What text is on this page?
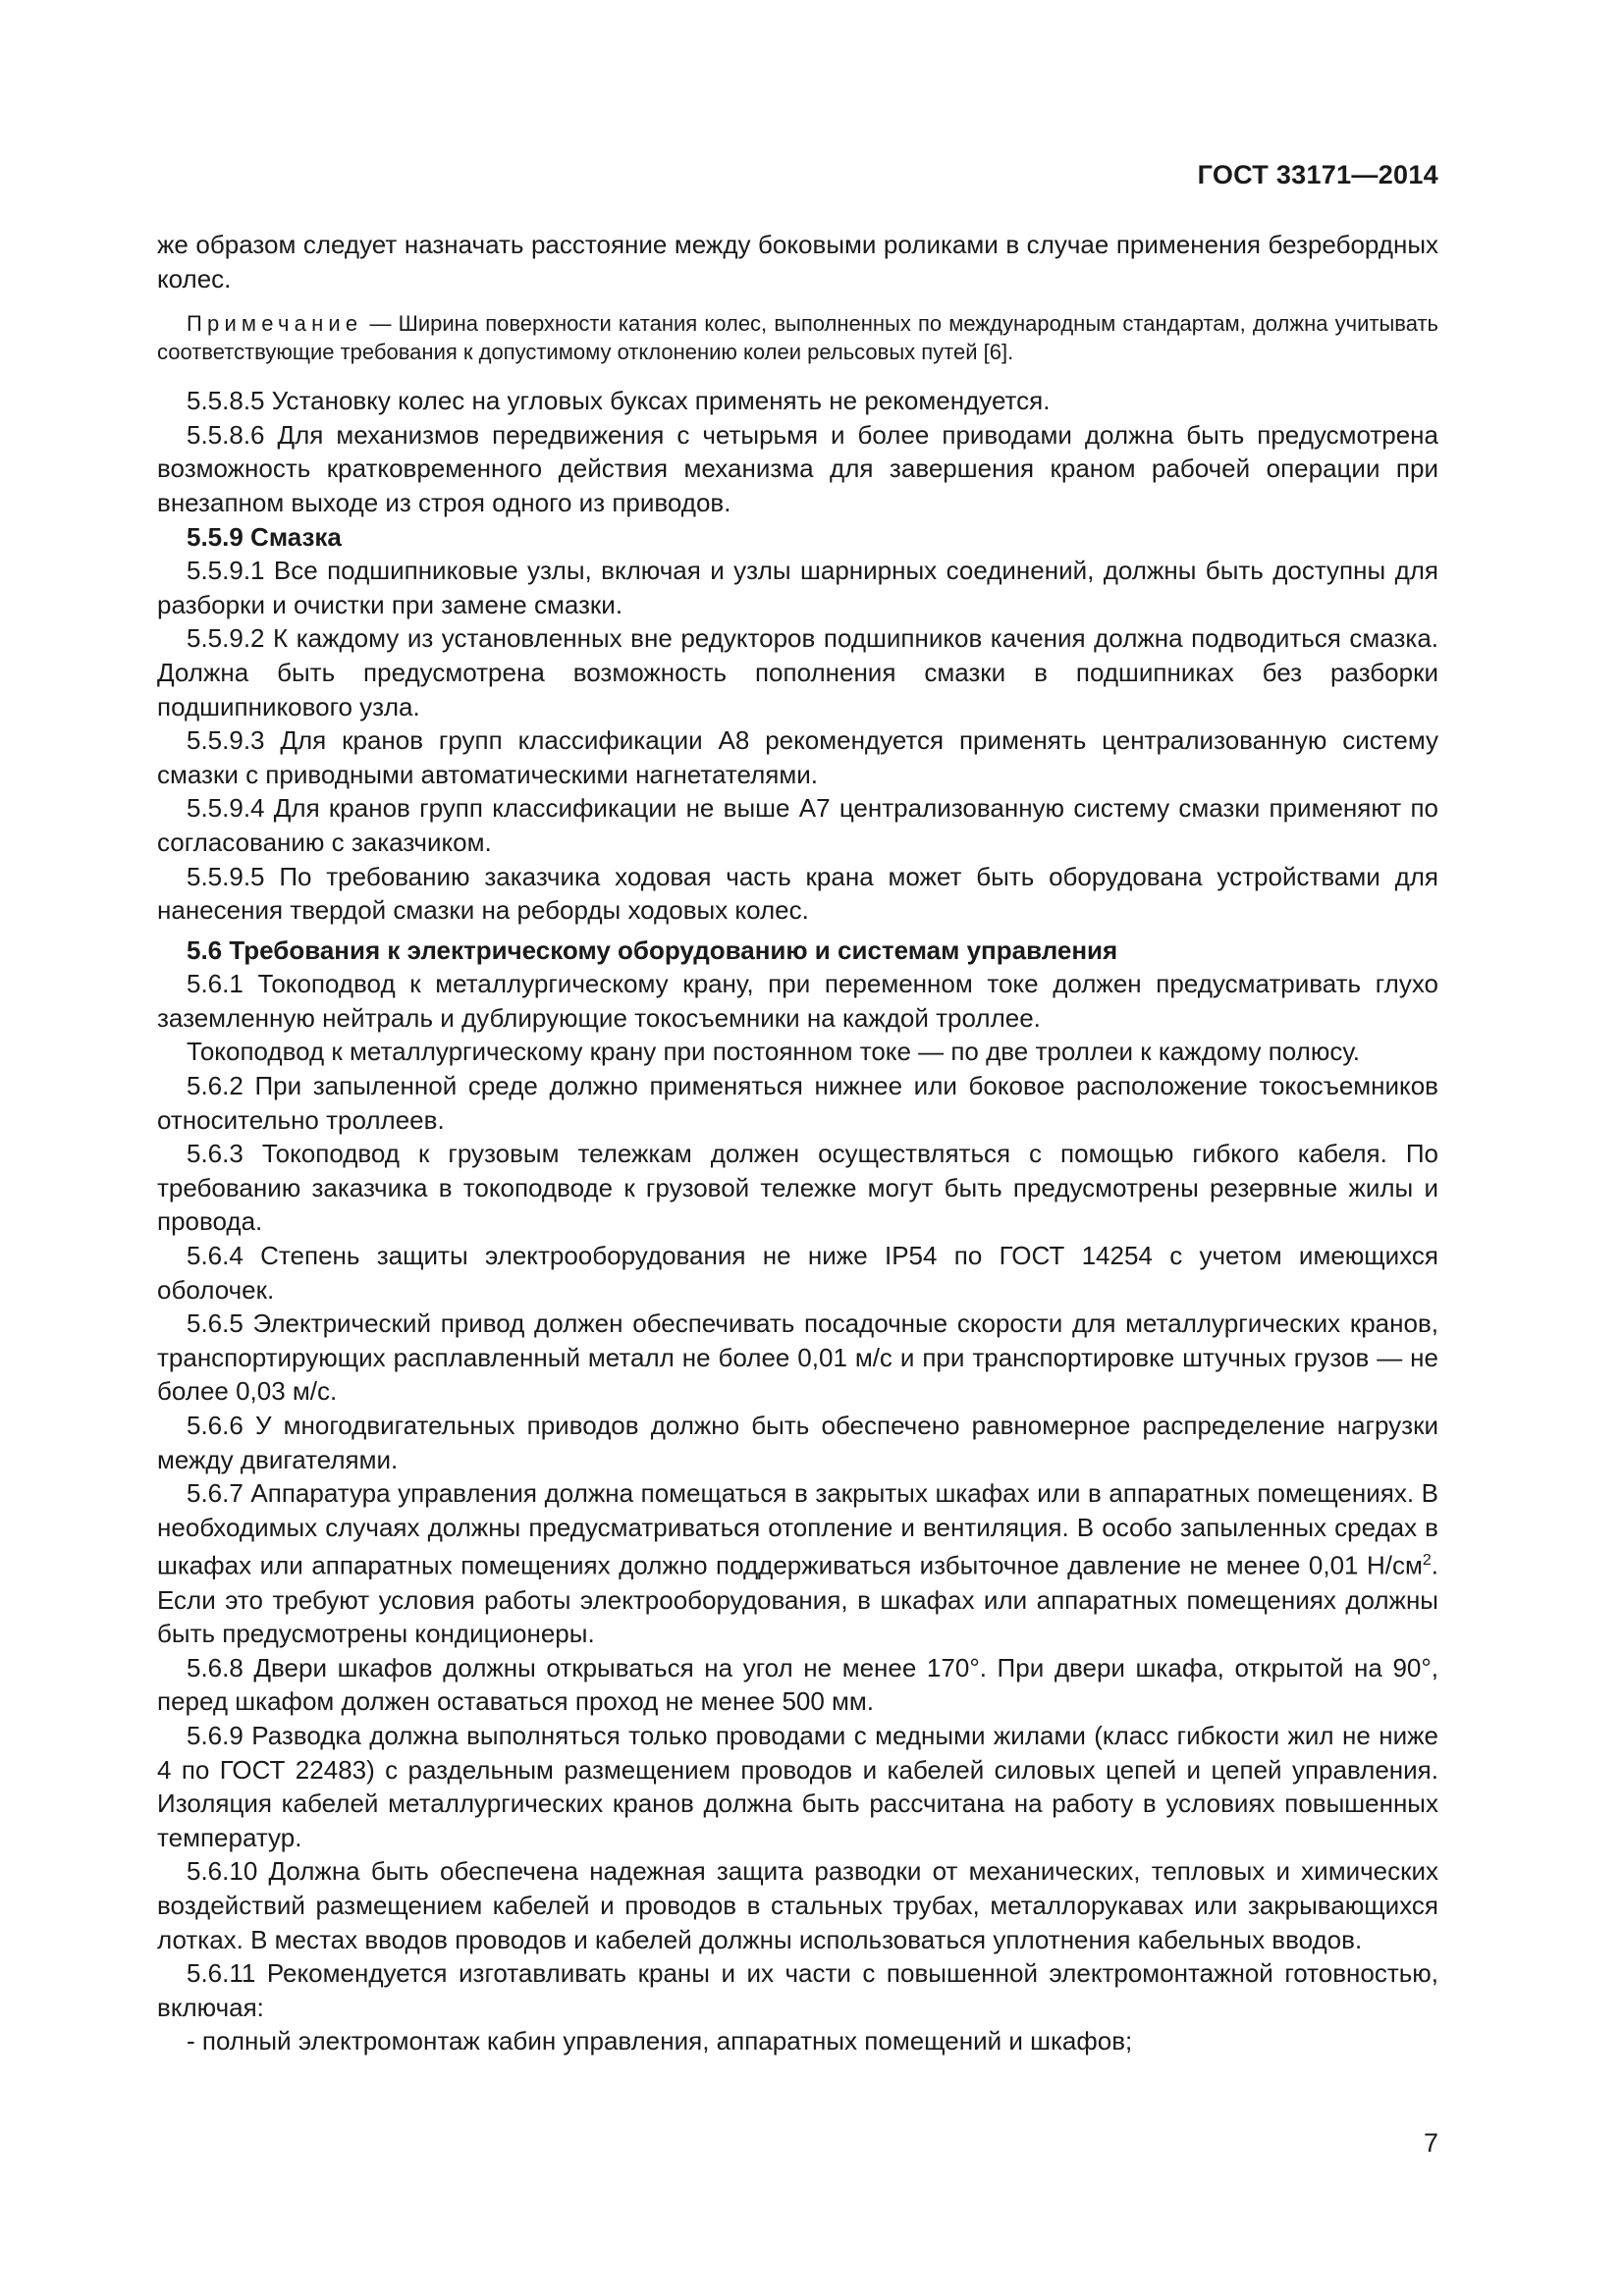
ГОСТ 33171—2014

же образом следует назначать расстояние между боковыми роликами в случае применения безребордных колес.

Примечание — Ширина поверхности катания колес, выполненных по международным стандартам, должна учитывать соответствующие требования к допустимому отклонению колеи рельсовых путей [6].

5.5.8.5 Установку колес на угловых буксах применять не рекомендуется.

5.5.8.6 Для механизмов передвижения с четырьмя и более приводами должна быть предусмотрена возможность кратковременного действия механизма для завершения краном рабочей операции при внезапном выходе из строя одного из приводов.

5.5.9 Смазка

5.5.9.1 Все подшипниковые узлы, включая и узлы шарнирных соединений, должны быть доступны для разборки и очистки при замене смазки.

5.5.9.2 К каждому из установленных вне редукторов подшипников качения должна подводиться смазка. Должна быть предусмотрена возможность пополнения смазки в подшипниках без разборки подшипникового узла.

5.5.9.3 Для кранов групп классификации А8 рекомендуется применять централизованную систему смазки с приводными автоматическими нагнетателями.

5.5.9.4 Для кранов групп классификации не выше А7 централизованную систему смазки применяют по согласованию с заказчиком.

5.5.9.5 По требованию заказчика ходовая часть крана может быть оборудована устройствами для нанесения твердой смазки на реборды ходовых колес.

5.6 Требования к электрическому оборудованию и системам управления

5.6.1 Токоподвод к металлургическому крану, при переменном токе должен предусматривать глухо заземленную нейтраль и дублирующие токосъемники на каждой троллее.

Токоподвод к металлургическому крану при постоянном токе — по две троллеи к каждому полюсу.

5.6.2 При запыленной среде должно применяться нижнее или боковое расположение токосъемников относительно троллеев.

5.6.3 Токоподвод к грузовым тележкам должен осуществляться с помощью гибкого кабеля. По требованию заказчика в токоподводе к грузовой тележке могут быть предусмотрены резервные жилы и провода.

5.6.4 Степень защиты электрооборудования не ниже IP54 по ГОСТ 14254 с учетом имеющихся оболочек.

5.6.5 Электрический привод должен обеспечивать посадочные скорости для металлургических кранов, транспортирующих расплавленный металл не более 0,01 м/с и при транспортировке штучных грузов — не более 0,03 м/с.

5.6.6 У многодвигательных приводов должно быть обеспечено равномерное распределение нагрузки между двигателями.

5.6.7 Аппаратура управления должна помещаться в закрытых шкафах или в аппаратных помещениях. В необходимых случаях должны предусматриваться отопление и вентиляция. В особо запыленных средах в шкафах или аппаратных помещениях должно поддерживаться избыточное давление не менее 0,01 $Н/см^2$. Если это требуют условия работы электрооборудования, в шкафах или аппаратных помещениях должны быть предусмотрены кондиционеры.

5.6.8 Двери шкафов должны открываться на угол не менее 170°. При двери шкафа, открытой на 90°, перед шкафом должен оставаться проход не менее 500 мм.

5.6.9 Разводка должна выполняться только проводами с медными жилами (класс гибкости жил не ниже 4 по ГОСТ 22483) с раздельным размещением проводов и кабелей силовых цепей и цепей управления. Изоляция кабелей металлургических кранов должна быть рассчитана на работу в условиях повышенных температур.

5.6.10 Должна быть обеспечена надежная защита разводки от механических, тепловых и химических воздействий размещением кабелей и проводов в стальных трубах, металлорукавах или закрывающихся лотках. В местах вводов проводов и кабелей должны использоваться уплотнения кабельных вводов.

5.6.11 Рекомендуется изготавливать краны и их части с повышенной электромонтажной готовностью, включая:

- полный электромонтаж кабин управления, аппаратных помещений и шкафов;

7
